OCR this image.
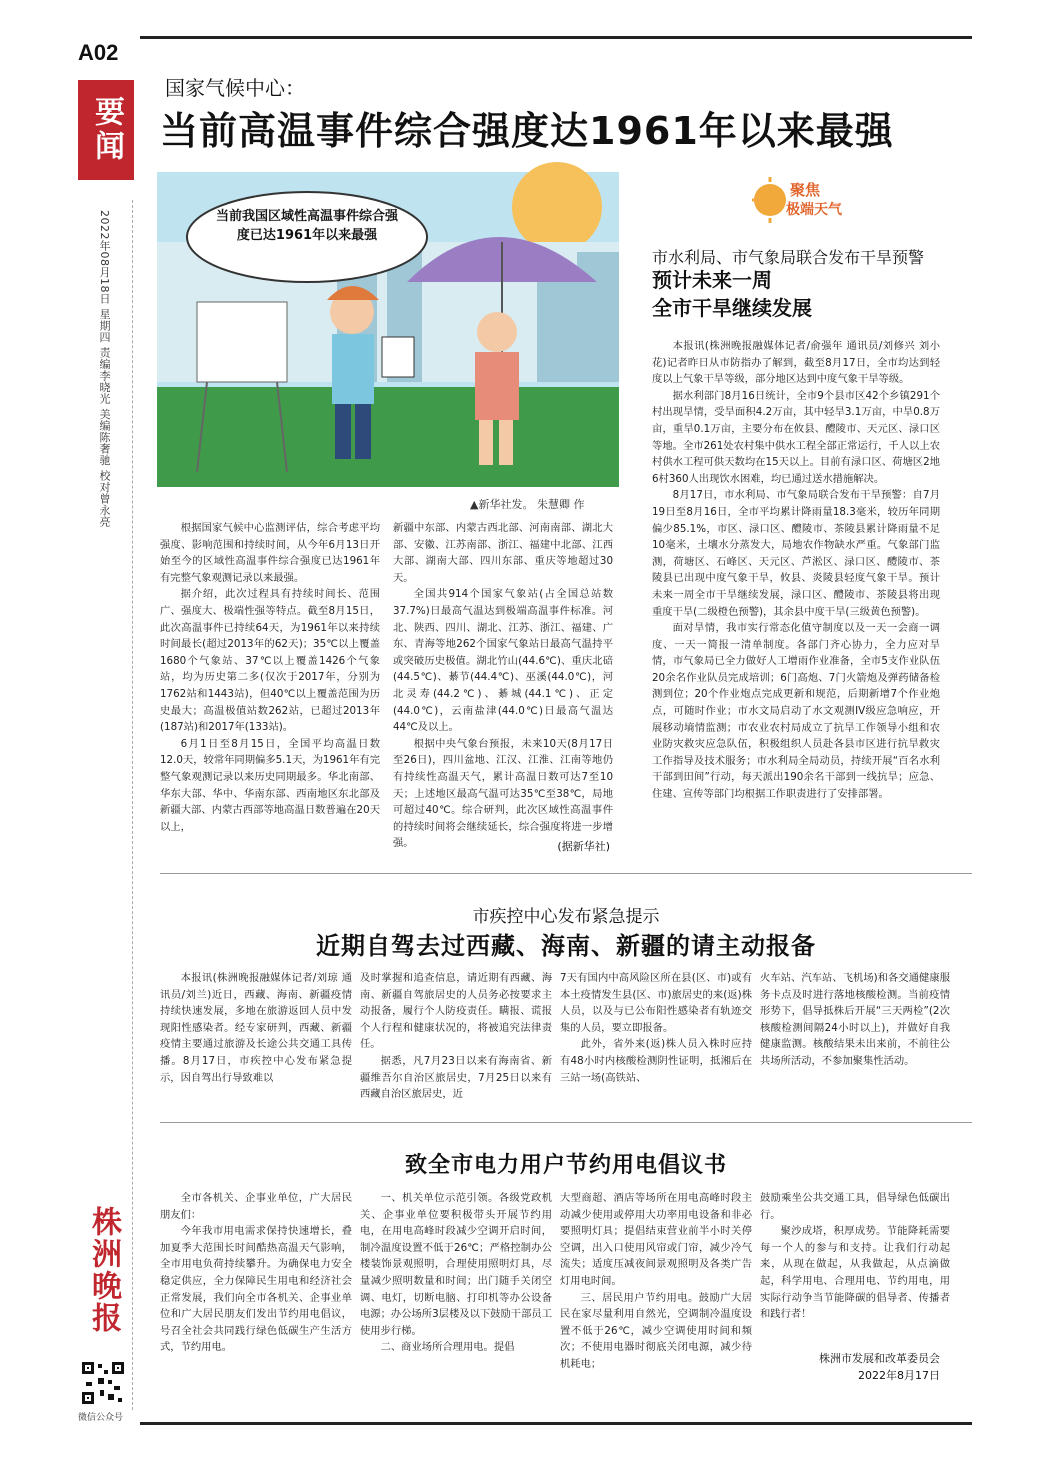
A02
要闻
2022年08月18日 星期四 责编李晓光 美编陈奢驰 校对曾永亮
国家气候中心：
当前高温事件综合强度达1961年以来最强
当前我国区域性高温事件综合强度已达1961年以来最强
▲新华社发。 朱慧卿 作

根据国家气候中心监测评估，综合考虑平均强度、影响范围和持续时间，从今年6月13日开始至今的区域性高温事件综合强度已达1961年有完整气象观测记录以来最强。

据介绍，此次过程具有持续时间长、范围广、强度大、极端性强等特点。截至8月15日，此次高温事件已持续64天，为1961年以来持续时间最长(超过2013年的62天)；35℃以上覆盖1680个气象站、37℃以上覆盖1426个气象站，均为历史第二多(仅次于2017年，分别为1762站和1443站)，但40℃以上覆盖范围为历史最大；高温极值站数262站，已超过2013年(187站)和2017年(133站)。

6月1日至8月15日，全国平均高温日数12.0天，较常年同期偏多5.1天，为1961年有完整气象观测记录以来历史同期最多。华北南部、华东大部、华中、华南东部、西南地区东北部及新疆大部、内蒙古西部等地高温日数普遍在20天以上，

新疆中东部、内蒙古西北部、河南南部、湖北大部、安徽、江苏南部、浙江、福建中北部、江西大部、湖南大部、四川东部、重庆等地超过30天。

全国共914个国家气象站(占全国总站数37.7%)日最高气温达到极端高温事件标准。河北、陕西、四川、湖北、江苏、浙江、福建、广东、青海等地262个国家气象站日最高气温持平或突破历史极值。湖北竹山(44.6℃)、重庆北碚(44.5℃)、綦节(44.4℃)、巫溪(44.0℃)，河北灵寿(44.2℃)、綦城(44.1℃)、正定(44.0℃)，云南盐津(44.0℃)日最高气温达44℃及以上。

根据中央气象台预报，未来10天(8月17日至26日)，四川盆地、江汉、江淮、江南等地仍有持续性高温天气，累计高温日数可达7至10天；上述地区最高气温可达35℃至38℃，局地可超过40℃。综合研判，此次区域性高温事件的持续时间将会继续延长，综合强度将进一步增强。	(据新华社)
聚焦
极端天气
市水利局、市气象局联合发布干旱预警
预计未来一周
全市干旱继续发展

本报讯(株洲晚报融媒体记者/俞强年 通讯员/刘修兴 刘小花)记者昨日从市防指办了解到，截至8月17日，全市均达到轻度以上气象干旱等级，部分地区达到中度气象干旱等级。

据水利部门8月16日统计，全市9个县市区42个乡镇291个村出现旱情，受旱面积4.2万亩，其中轻旱3.1万亩，中旱0.8万亩，重旱0.1万亩，主要分布在攸县、醴陵市、天元区、渌口区等地。全市261处农村集中供水工程全部正常运行，千人以上农村供水工程可供天数均在15天以上。目前有渌口区、荷塘区2地6村360人出现饮水困难，均已通过送水措施解决。

8月17日，市水利局、市气象局联合发布干旱预警：自7月19日至8月16日，全市平均累计降雨量18.3毫米，较历年同期偏少85.1%，市区、渌口区、醴陵市、茶陵县累计降雨量不足10毫米，土壤水分蒸发大，局地农作物缺水严重。气象部门监测，荷塘区、石峰区、天元区、芦淞区、渌口区、醴陵市、茶陵县已出现中度气象干旱，攸县、炎陵县轻度气象干旱。预计未来一周全市干旱继续发展，渌口区、醴陵市、茶陵县将出现重度干旱(二级橙色预警)，其余县中度干旱(三级黄色预警)。

面对旱情，我市实行常态化值守制度以及一天一会商一调度、一天一简报一清单制度。各部门齐心协力，全力应对旱情，市气象局已全力做好人工增雨作业准备，全市5支作业队伍20余名作业队员完成培训；6门高炮、7门火箭炮及弹药储备检测到位；20个作业炮点完成更新和规范，后期新增7个作业炮点，可随时作业；市水文局启动了水文观测IV级应急响应，开展移动墒情监测；市农业农村局成立了抗旱工作领导小组和农业防灾救灾应急队伍，积极组织人员赴各县市区进行抗旱救灾工作指导及技术服务；市水利局全局动员，持续开展“百名水利干部到田间”行动，每天派出190余名干部到一线抗旱；应急、住建、宣传等部门均根据工作职责进行了安排部署。

市疾控中心发布紧急提示
近期自驾去过西藏、海南、新疆的请主动报备

本报讯(株洲晚报融媒体记者/刘琼 通讯员/刘兰)近日，西藏、海南、新疆疫情持续快速发展，多地在旅游返回人员中发现阳性感染者。经专家研判，西藏、新疆疫情主要通过旅游及长途公共交通工具传播。8月17日，市疾控中心发布紧急提示，因自驾出行导致难以

及时掌握和追查信息，请近期有西藏、海南、新疆自驾旅居史的人员务必按要求主动报备，履行个人防疫责任。瞒报、谎报个人行程和健康状况的，将被追究法律责任。

据悉，凡7月23日以来有海南省、新疆维吾尔自治区旅居史，7月25日以来有西藏自治区旅居史，近

7天有国内中高风险区所在县(区、市)或有本土疫情发生县(区、市)旅居史的来(返)株人员，以及与已公布阳性感染者有轨迹交集的人员，要立即报备。

此外，省外来(返)株人员入株时应持有48小时内核酸检测阴性证明，抵湘后在三站一场(高铁站、

火车站、汽车站、飞机场)和各交通健康服务卡点及时进行落地核酸检测。当前疫情形势下，倡导抵株后开展“三天两检”(2次核酸检测间隔24小时以上)，并做好自我健康监测。核酸结果未出来前，不前往公共场所活动，不参加聚集性活动。

致全市电力用户节约用电倡议书

全市各机关、企事业单位，广大居民朋友们：

今年我市用电需求保持快速增长，叠加夏季大范围长时间酷热高温天气影响，全市用电负荷持续攀升。为确保电力安全稳定供应，全力保障民生用电和经济社会正常发展，我们向全市各机关、企事业单位和广大居民朋友们发出节约用电倡议，号召全社会共同践行绿色低碳生产生活方式，节约用电。

一、机关单位示范引领。各级党政机关、企事业单位要积极带头开展节约用电，在用电高峰时段减少空调开启时间，制冷温度设置不低于26℃；严格控制办公楼装饰景观照明，合理使用照明灯具，尽量减少照明数量和时间；出门随手关闭空调、电灯，切断电脑、打印机等办公设备电源；办公场所3层楼及以下鼓励干部员工使用步行梯。

二、商业场所合理用电。提倡

大型商超、酒店等场所在用电高峰时段主动减少使用或停用大功率用电设备和非必要照明灯具；提倡结束营业前半小时关停空调，出入口使用风帘或门帘，减少冷气流失；适度压减夜间景观照明及各类广告灯用电时间。

三、居民用户节约用电。鼓励广大居民在家尽量利用自然光，空调制冷温度设置不低于26℃，减少空调使用时间和频次；不使用电器时彻底关闭电源，减少待机耗电；

鼓励乘坐公共交通工具，倡导绿色低碳出行。

聚沙成塔，积厚成势。节能降耗需要每一个人的参与和支持。让我们行动起来，从现在做起，从我做起，从点滴做起，科学用电、合理用电、节约用电，用实际行动争当节能降碳的倡导者、传播者和践行者！

株洲市发展和改革委员会
2022年8月17日
株洲晚报
微信公众号
